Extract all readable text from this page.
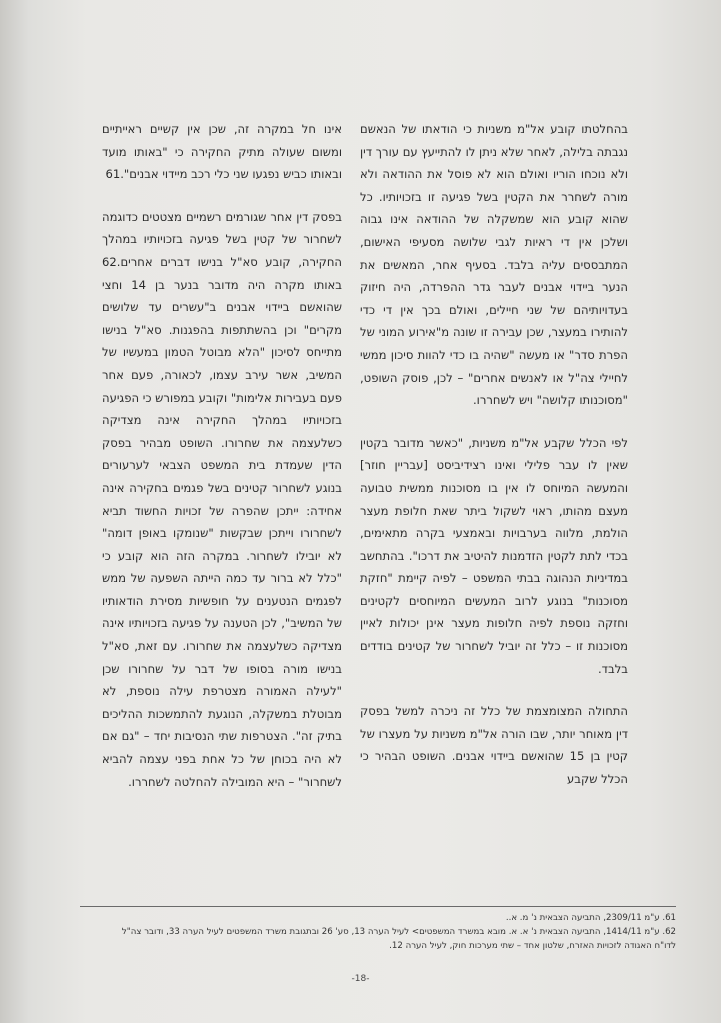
בהחלטתו קובע אל"מ משניות כי הודאתו של הנאשם נגבתה בלילה, לאחר שלא ניתן לו להתייעץ עם עורך דין ולא נוכחו הוריו ואולם הוא לא פוסל את ההודאה ולא מורה לשחרר את הקטין בשל פגיעה זו בזכויותיו. כל שהוא קובע הוא שמשקלה של ההודאה אינו גבוה ושלכן אין די ראיות לגבי שלושה מסעיפי האישום, המתבססים עליה בלבד. בסעיף אחר, המאשים את הנער ביידוי אבנים לעבר גדר ההפרדה, היה חיזוק בעדויותיהם של שני חיילים, ואולם בכך אין די כדי להותירו במעצר, שכן עבירה זו שונה מ"אירוע המוני של הפרת סדר" או מעשה "שהיה בו כדי להוות סיכון ממשי לחיילי צה"ל או לאנשים אחרים" – לכן, פוסק השופט, "מסוכנותו קלושה" ויש לשחררו.

לפי הכלל שקבע אל"מ משניות, "כאשר מדובר בקטין שאין לו עבר פלילי ואינו רצידיביסט [עבריין חוזר] והמעשה המיוחס לו אין בו מסוכנות ממשית טבועה מעצם מהותו, ראוי לשקול ביתר שאת חלופת מעצר הולמת, מלווה בערבויות ובאמצעי בקרה מתאימים, בכדי לתת לקטין הזדמנות להיטיב את דרכו". בהתחשב במדיניות הנהוגה בבתי המשפט – לפיה קיימת "חזקת מסוכנות" בנוגע לרוב המעשים המיוחסים לקטינים וחזקה נוספת לפיה חלופות מעצר אינן יכולות לאיין מסוכנות זו – כלל זה יוביל לשחרור של קטינים בודדים בלבד.

התחולה המצומצמת של כלל זה ניכרה למשל בפסק דין מאוחר יותר, שבו הורה אל"מ משניות על מעצרו של קטין בן 15 שהואשם ביידוי אבנים. השופט הבהיר כי הכלל שקבע

אינו חל במקרה זה, שכן אין קשיים ראייתיים ומשום שעולה מתיק החקירה כי "באותו מועד ובאותו כביש נפגעו שני כלי רכב מיידוי אבנים".61

בפסק דין אחר שגורמים רשמיים מצטטים כדוגמה לשחרור של קטין בשל פגיעה בזכויותיו במהלך החקירה, קובע סא"ל בנישו דברים אחרים.62 באותו מקרה היה מדובר בנער בן 14 וחצי שהואשם ביידוי אבנים ב"עשרים עד שלושים מקרים" וכן בהשתתפות בהפגנות. סא"ל בנישו מתייחס לסיכון "הלא מבוטל הטמון במעשיו של המשיב, אשר עירב עצמו, לכאורה, פעם אחר פעם בעבירות אלימות" וקובע במפורש כי הפגיעה בזכויותיו במהלך החקירה אינה מצדיקה כשלעצמה את שחרורו. השופט מבהיר בפסק הדין שעמדת בית המשפט הצבאי לערעורים בנוגע לשחרור קטינים בשל פגמים בחקירה אינה אחידה: ייתכן שהפרה של זכויות החשוד תביא לשחרורו וייתכן שבקשות "שנומקו באופן דומה" לא יובילו לשחרור. במקרה הזה הוא קובע כי "כלל לא ברור עד כמה הייתה השפעה של ממש לפגמים הנטענים על חופשיות מסירת הודאותיו של המשיב", לכן הטענה על פגיעה בזכויותיו אינה מצדיקה כשלעצמה את שחרורו. עם זאת, סא"ל בנישו מורה בסופו של דבר על שחרורו שכן "לעילה האמורה מצטרפת עילה נוספת, לא מבוטלת במשקלה, הנוגעת להתמשכות ההליכים בתיק זה". הצטרפות שתי הנסיבות יחד – "גם אם לא היה בכוחן של כל אחת בפני עצמה להביא לשחרור" – היא המובילה להחלטה לשחררו.

61. ע"מ 2309/11, התביעה הצבאית נ' מ. א..
62. ע"מ 1414/11, התביעה הצבאית נ' א. א. מובא במשרד המשפטים> לעיל הערה 13, סע' 26 ובתגובת משרד המשפטים לעיל הערה 33, ודובר צה"ל
לדו"ח האגודה לזכויות האזרח, שלטון אחד – שתי מערכות חוק, לעיל הערה 12.
-18-
